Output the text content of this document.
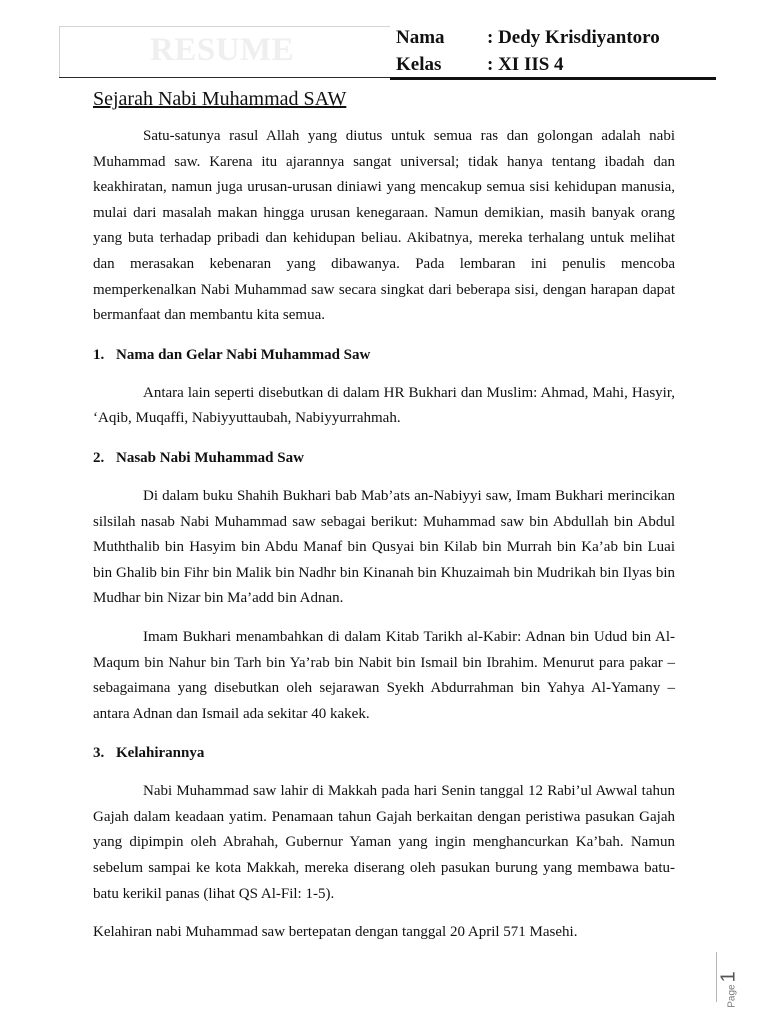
RESUME	Nama : Dedy Krisdiyantoro
Kelas : XI IIS 4
Sejarah Nabi Muhammad SAW

Satu-satunya rasul Allah yang diutus untuk semua ras dan golongan adalah nabi Muhammad saw. Karena itu ajarannya sangat universal; tidak hanya tentang ibadah dan keakhiratan, namun juga urusan-urusan diniawi yang mencakup semua sisi kehidupan manusia, mulai dari masalah makan hingga urusan kenegaraan. Namun demikian, masih banyak orang yang buta terhadap pribadi dan kehidupan beliau. Akibatnya, mereka terhalang untuk melihat dan merasakan kebenaran yang dibawanya. Pada lembaran ini penulis mencoba memperkenalkan Nabi Muhammad saw secara singkat dari beberapa sisi, dengan harapan dapat bermanfaat dan membantu kita semua.

1. Nama dan Gelar Nabi Muhammad Saw

Antara lain seperti disebutkan di dalam HR Bukhari dan Muslim: Ahmad, Mahi, Hasyir, ‘Aqib, Muqaffi, Nabiyyuttaubah, Nabiyyurrahmah.

2. Nasab Nabi Muhammad Saw

Di dalam buku Shahih Bukhari bab Mab’ats an-Nabiyyi saw, Imam Bukhari merincikan silsilah nasab Nabi Muhammad saw sebagai berikut: Muhammad saw bin Abdullah bin Abdul Muththalib bin Hasyim bin Abdu Manaf bin Qusyai bin Kilab bin Murrah bin Ka’ab bin Luai bin Ghalib bin Fihr bin Malik bin Nadhr bin Kinanah bin Khuzaimah bin Mudrikah bin Ilyas bin Mudhar bin Nizar bin Ma’add bin Adnan.

Imam Bukhari menambahkan di dalam Kitab Tarikh al-Kabir: Adnan bin Udud bin Al-Maqum bin Nahur bin Tarh bin Ya’rab bin Nabit bin Ismail bin Ibrahim. Menurut para pakar – sebagaimana yang disebutkan oleh sejarawan Syekh Abdurrahman bin Yahya Al-Yamany – antara Adnan dan Ismail ada sekitar 40 kakek.

3. Kelahirannya

Nabi Muhammad saw lahir di Makkah pada hari Senin tanggal 12 Rabi’ul Awwal tahun Gajah dalam keadaan yatim. Penamaan tahun Gajah berkaitan dengan peristiwa pasukan Gajah yang dipimpin oleh Abrahah, Gubernur Yaman yang ingin menghancurkan Ka’bah. Namun sebelum sampai ke kota Makkah, mereka diserang oleh pasukan burung yang membawa batu-batu kerikil panas (lihat QS Al-Fil: 1-5).

Kelahiran nabi Muhammad saw bertepatan dengan tanggal 20 April 571 Masehi.

Page1
